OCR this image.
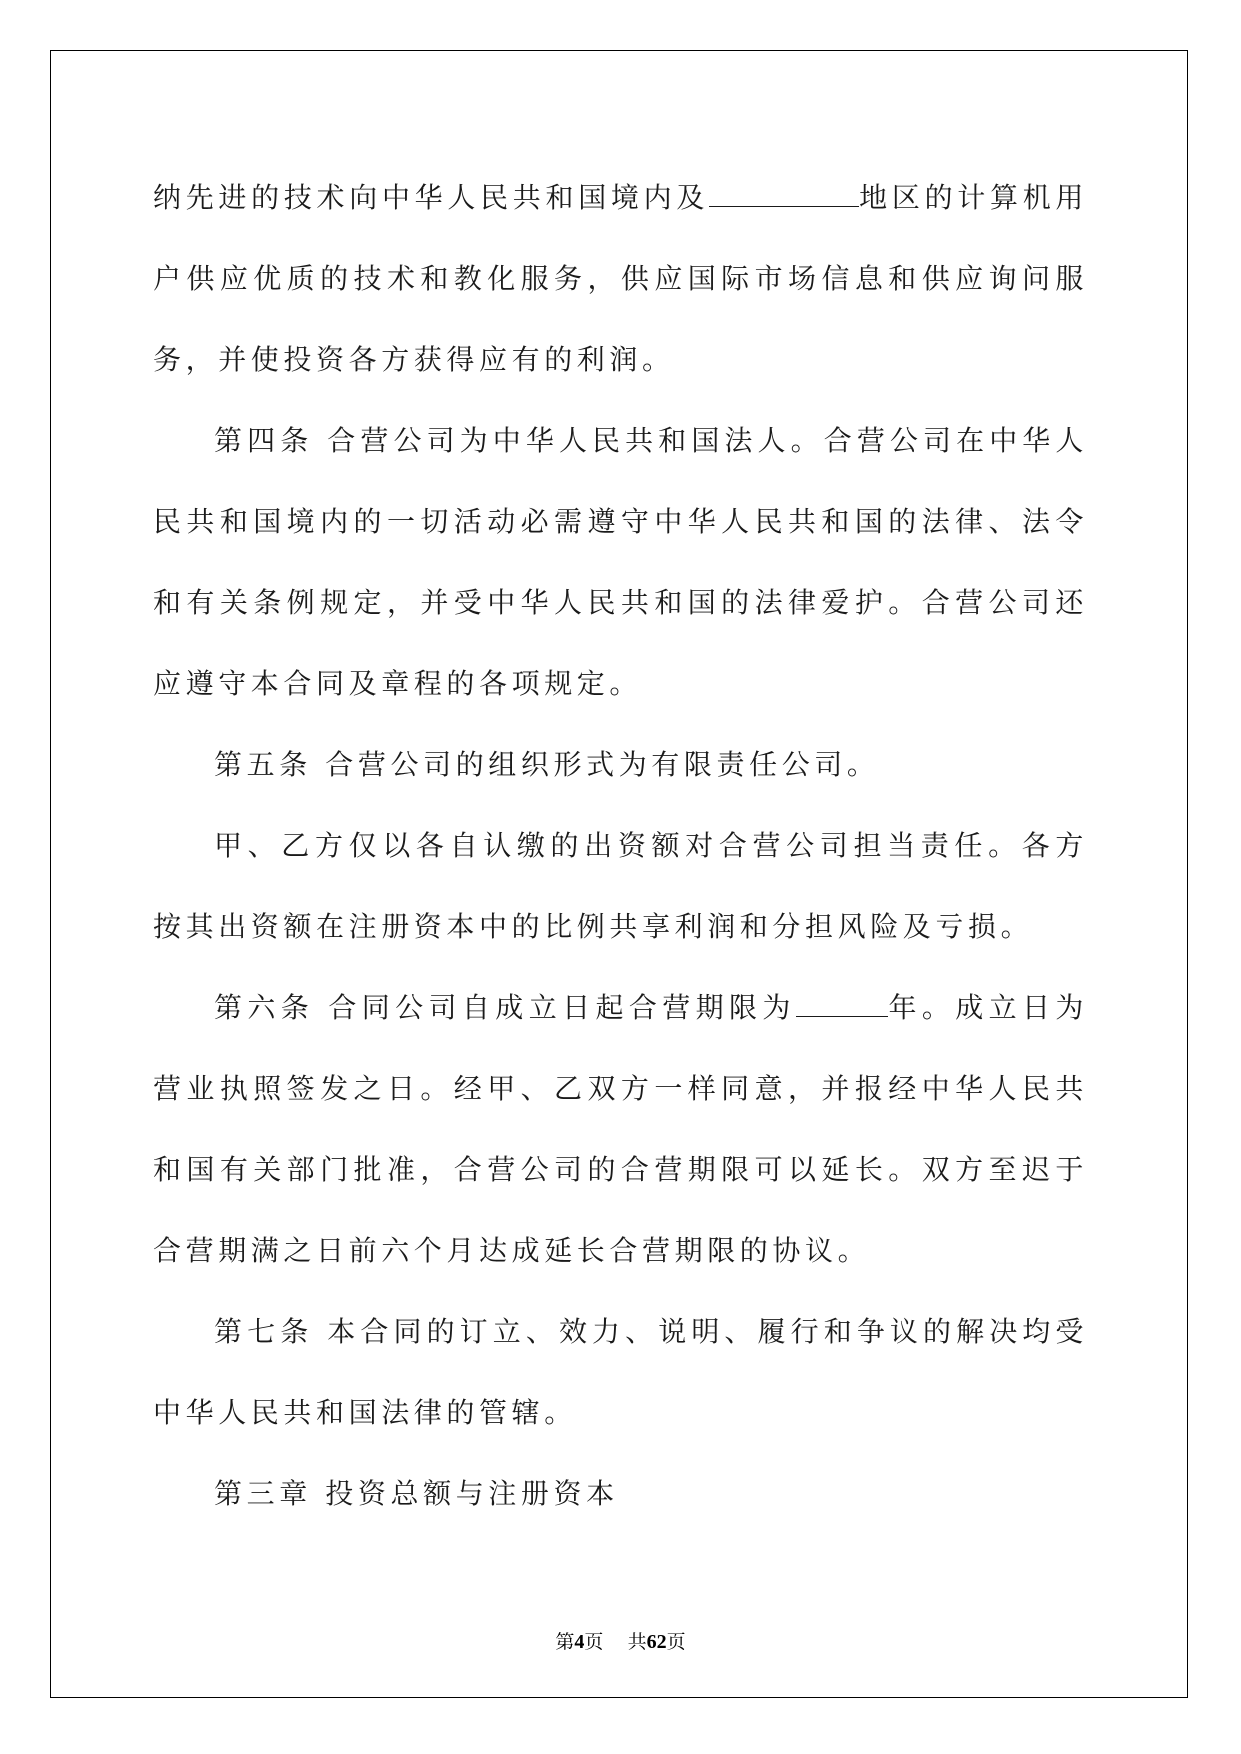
纳先进的技术向中华人民共和国境内及	地区的计算机用户供应优质的技术和教化服务，供应国际市场信息和供应询问服务，并使投资各方获得应有的利润。

第四条 合营公司为中华人民共和国法人。合营公司在中华人民共和国境内的一切活动必需遵守中华人民共和国的法律、法令和有关条例规定，并受中华人民共和国的法律爱护。合营公司还应遵守本合同及章程的各项规定。

第五条 合营公司的组织形式为有限责任公司。

甲、乙方仅以各自认缴的出资额对合营公司担当责任。各方按其出资额在注册资本中的比例共享利润和分担风险及亏损。

第六条 合同公司自成立日起合营期限为	年。成立日为营业执照签发之日。经甲、乙双方一样同意，并报经中华人民共和国有关部门批准，合营公司的合营期限可以延长。双方至迟于合营期满之日前六个月达成延长合营期限的协议。

第七条 本合同的订立、效力、说明、履行和争议的解决均受中华人民共和国法律的管辖。

第三章 投资总额与注册资本

第4页 共62页
